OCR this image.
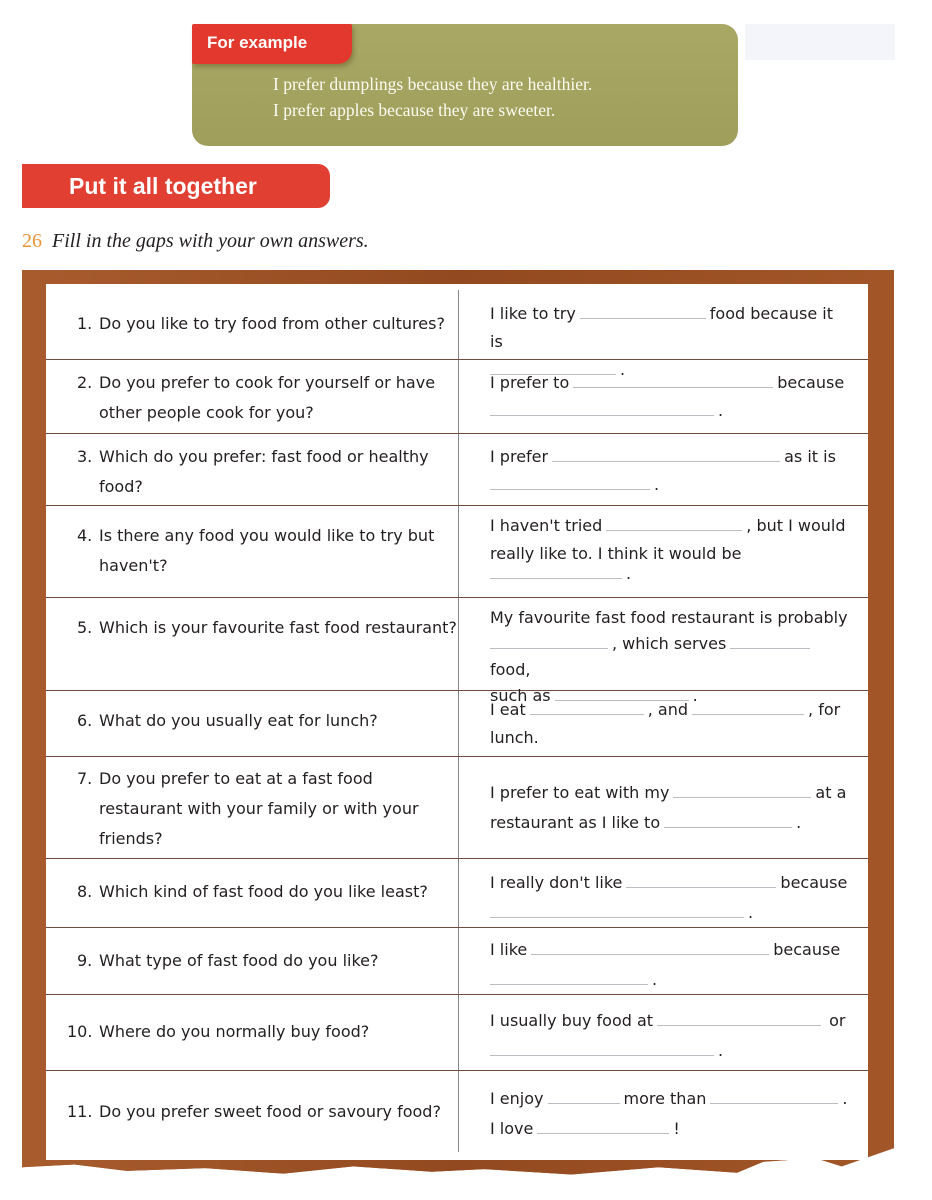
For example
I prefer dumplings because they are healthier.
I prefer apples because they are sweeter.
Put it all together
26 Fill in the gaps with your own answers.
1. Do you like to try food from other cultures?
I like to try	food because it is
.
2. Do you prefer to cook for yourself or have other people cook for you?
I prefer to	because
.
3. Which do you prefer: fast food or healthy food?
I prefer	as it is
.
4. Is there any food you would like to try but haven't?
I haven't tried	, but I would
really like to. I think it would be

.
5. Which is your favourite fast food restaurant?
My favourite fast food restaurant is probably
, which servesfood,
such as	.
6. What do you usually eat for lunch?
I eat	, and	, for
lunch.
7. Do you prefer to eat at a fast food restaurant with your family or with your friends?
I prefer to eat with my	at a
restaurant as I like to	.
8. Which kind of fast food do you like least?	I really don't like	because
.
9. What type of fast food do you like?
I like	because
.
10. Where do you normally buy food?
I usually buy food at	or
.
11. Do you prefer sweet food or savoury food?
I enjoy	more than	.
I love	!
